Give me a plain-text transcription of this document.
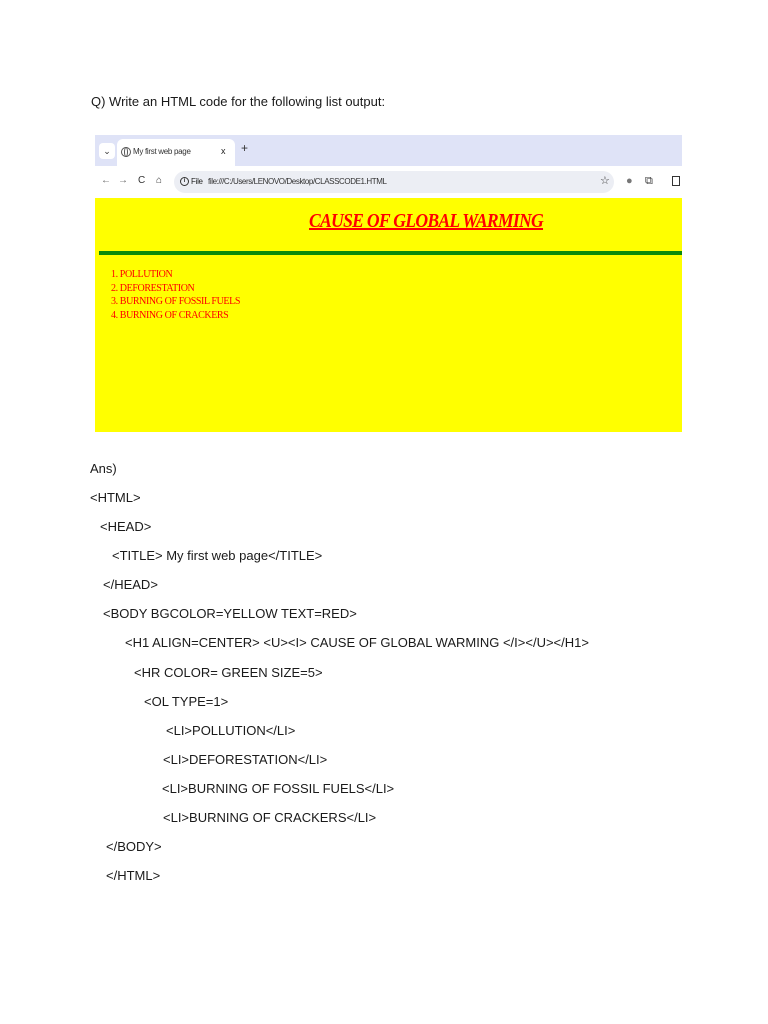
Q) Write an HTML code for the following list output:
⌄	My first web page	x +
← → C ⌂	i File file:///C:/Users/LENOVO/Desktop/CLASSCODE1.HTML	☆ ● ⧉
CAUSE OF GLOBAL WARMING
1. POLLUTION
2. DEFORESTATION
3. BURNING OF FOSSIL FUELS
4. BURNING OF CRACKERS
Ans)
<HTML>
<HEAD>
<TITLE> My first web page</TITLE>
</HEAD>
<BODY BGCOLOR=YELLOW TEXT=RED>
<H1 ALIGN=CENTER> <U><I> CAUSE OF GLOBAL WARMING </I></U></H1>
<HR COLOR= GREEN SIZE=5>
<OL TYPE=1>
<LI>POLLUTION</LI>
<LI>DEFORESTATION</LI>
<LI>BURNING OF FOSSIL FUELS</LI>
<LI>BURNING OF CRACKERS</LI>
</BODY>
</HTML>
